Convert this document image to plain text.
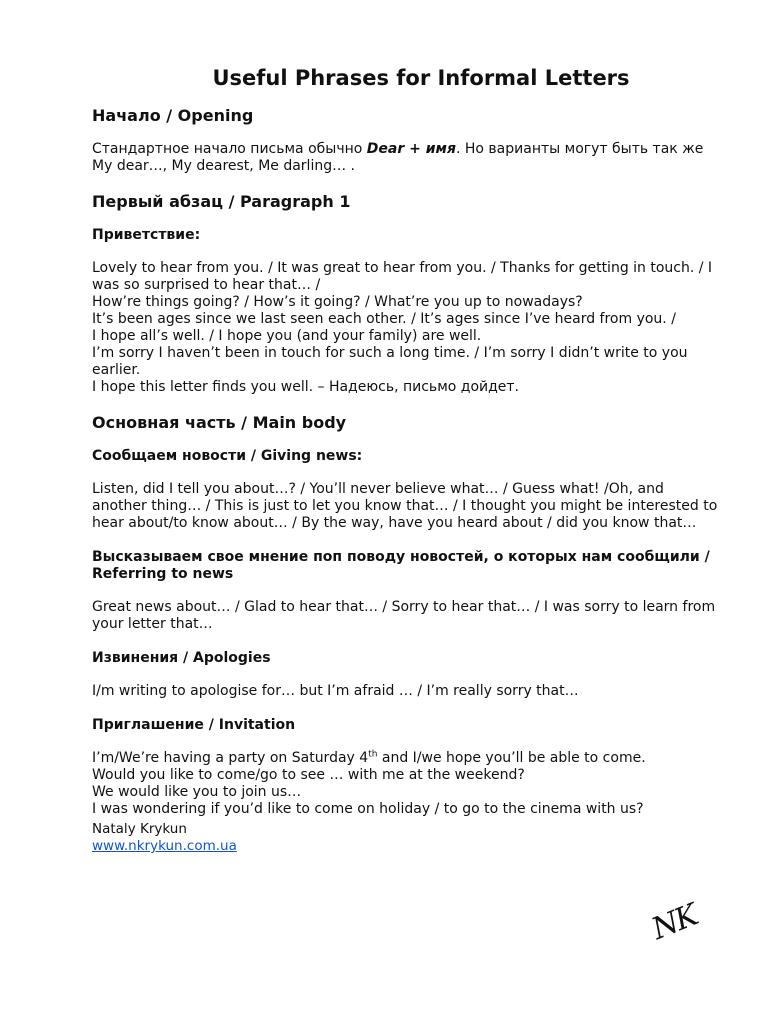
Useful Phrases for Informal Letters
Начало / Opening

Стандартное начало письма обычно Dear + имя. Но варианты могут быть так же My dear…, My dearest, Me darling… .

Первый абзац / Paragraph 1
Приветствие:

Lovely to hear from you. / It was great to hear from you. / Thanks for getting in touch. / I was so surprised to hear that… /

How’re things going? / How’s it going? / What’re you up to nowadays?

It’s been ages since we last seen each other. / It’s ages since I’ve heard from you. /

I hope all’s well. / I hope you (and your family) are well.

I’m sorry I haven’t been in touch for such a long time. / I’m sorry I didn’t write to you earlier.

I hope this letter finds you well. – Надеюсь, письмо дойдет.

Основная часть / Main body
Сообщаем новости / Giving news:

Listen, did I tell you about…? / You’ll never believe what… / Guess what! /Oh, and another thing… / This is just to let you know that… / I thought you might be interested to hear about/to know about… / By the way, have you heard about / did you know that…

Высказываем свое мнение поп поводу новостей, о которых нам сообщили / Referring to news

Great news about… / Glad to hear that… / Sorry to hear that… / I was sorry to learn from your letter that…

Извинения / Apologies

I/m writing to apologise for… but I’m afraid … / I’m really sorry that…

Приглашение / Invitation

I’m/We’re having a party on Saturday 4th and I/we hope you’ll be able to come.

Would you like to come/go to see … with me at the weekend?

We would like you to join us…

I was wondering if you’d like to come on holiday / to go to the cinema with us?

Nataly Krykun

www.nkrykun.com.ua

NK
